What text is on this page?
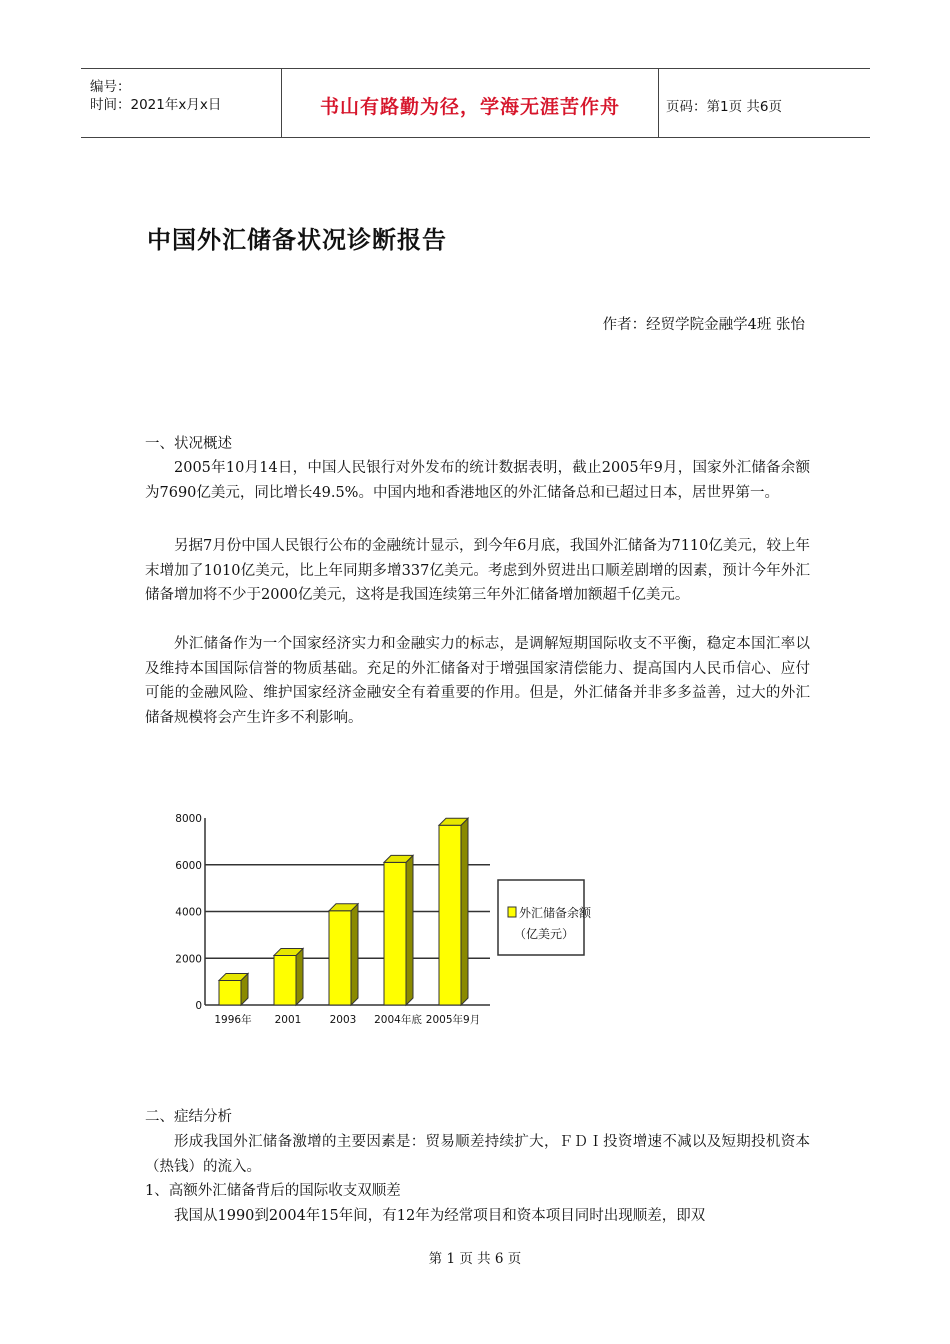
编号：
时间：2021年x月x日	书山有路勤为径，学海无涯苦作舟	页码：第1页 共6页
中国外汇储备状况诊断报告
作者：经贸学院金融学4班 张怡

一、状况概述

2005年10月14日，中国人民银行对外发布的统计数据表明，截止2005年9月，国家外汇储备余额为7690亿美元，同比增长49.5%。中国内地和香港地区的外汇储备总和已超过日本，居世界第一。

另据7月份中国人民银行公布的金融统计显示，到今年6月底，我国外汇储备为7110亿美元，较上年末增加了1010亿美元，比上年同期多增337亿美元。考虑到外贸进出口顺差剧增的因素，预计今年外汇储备增加将不少于2000亿美元，这将是我国连续第三年外汇储备增加额超千亿美元。

外汇储备作为一个国家经济实力和金融实力的标志，是调解短期国际收支不平衡，稳定本国汇率以及维持本国国际信誉的物质基础。充足的外汇储备对于增强国家清偿能力、提高国内人民币信心、应付可能的金融风险、维护国家经济金融安全有着重要的作用。但是，外汇储备并非多多益善，过大的外汇储备规模将会产生许多不利影响。

0
2000
4000
6000
8000
1996年 2001	2003 2004年底 2005年9月
外汇储备余额
（亿美元）

二、症结分析

形成我国外汇储备激增的主要因素是：贸易顺差持续扩大，ＦＤＩ投资增速不减以及短期投机资本（热钱）的流入。

1、高额外汇储备背后的国际收支双顺差

我国从1990到2004年15年间，有12年为经常项目和资本项目同时出现顺差，即双

第 1 页 共 6 页
